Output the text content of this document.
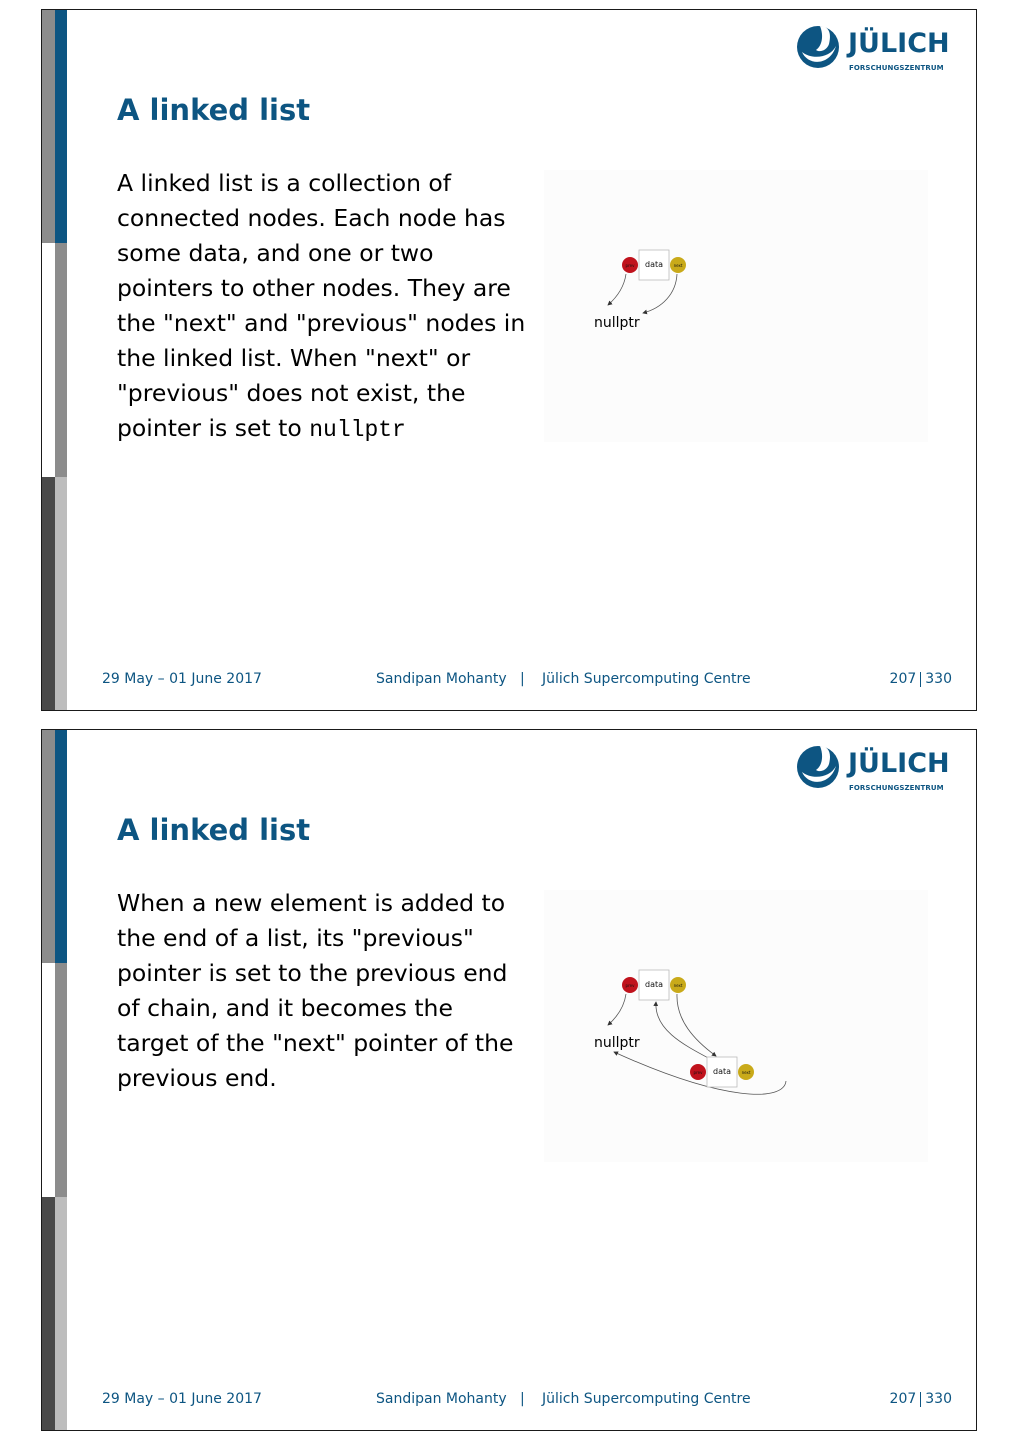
JÜLICH
FORSCHUNGSZENTRUM
A linked list

A linked list is a collection of connected nodes. Each node has some data, and one or two pointers to other nodes. They are the "next" and "previous" nodes in the linked list. When "next" or "previous" does not exist, the pointer is set to nullptr

prev data	next
nullptr
29 May – 01 June 2017	Sandipan Mohanty | Jülich Supercomputing Centre	207 330
JÜLICH
FORSCHUNGSZENTRUM
A linked list

When a new element is added to the end of a list, its "previous" pointer is set to the previous end of chain, and it becomes the target of the "next" pointer of the previous end.

prev data	next
prev data	next
nullptr
29 May – 01 June 2017	Sandipan Mohanty | Jülich Supercomputing Centre	207 330
